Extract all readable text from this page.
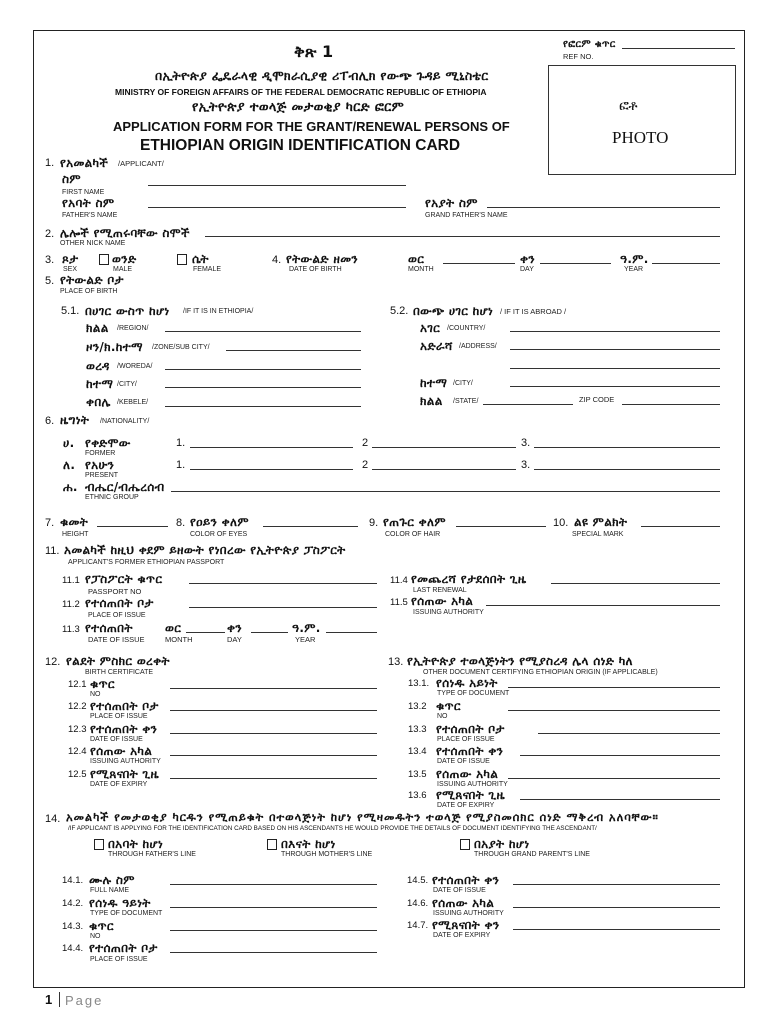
የፎርም ቁጥር
REF NO.
ቅጽ 1
በኢትዮጵያ ፌዴራላዊ ዲሞክራሲያዊ ሪፐብሊክ የውጭ ጉዳይ ሚኒስቴር
MINISTRY OF FOREIGN AFFAIRS OF THE FEDERAL DEMOCRATIC REPUBLIC OF ETHIOPIA
የኢትዮጵያ ተወላጅ መታወቂያ ካርድ ፎርም
APPLICATION FORM FOR THE GRANT/RENEWAL PERSONS OF
ETHIOPIAN ORIGIN IDENTIFICATION CARD
ፎቶ
PHOTO
1. የአመልካች /APPLICANT/
ስም
FIRST NAME
የአባት ስም
FATHER'S NAME
የአያት ስም
GRAND FATHER'S NAME
2. ሌሎች የሚጠሩባቸው ስሞች
OTHER NICK NAME
3. ጾታ
SEX
ወንድ
MALE
ሴት
FEMALE
4. የትውልድ ዘመን
DATE OF BIRTH
ወር
MONTH
ቀን
DAY
ዓ.ም.
YEAR
5. የትውልድ ቦታ
PLACE OF BIRTH
5.1. በሀገር ውስጥ ከሆነ /IF IT IS IN ETHIOPIA/
ክልል /REGION/
ዞን/ክ.ከተማ /ZONE/SUB CITY/
ወረዳ /WOREDA/
ከተማ /CITY/
ቀበሌ /KEBELE/
5.2. በውጭ ሀገር ከሆነ / IF IT IS ABROAD /
አገር /COUNTRY/
አድራሻ /ADDRESS/
ከተማ /CITY/
ክልል /STATE/	ZIP CODE
6. ዜግነት /NATIONALITY/
ሀ. የቀድሞው
FORMER
1.	2	3.
ለ. የአሁን
PRESENT
1.	2	3.
ሐ. ብሔር/ብሔረሰብ
ETHNIC GROUP
7. ቁመት
HEIGHT
8. የዐይን ቀለም
COLOR OF EYES
9. የጠጉር ቀለም
COLOR OF HAIR
10. ልዩ ምልክት
SPECIAL MARK
11. አመልካች ከዚህ ቀደም ይዘውት የነበረው የኢትዮጵያ ፓስፖርት
APPLICANT'S FORMER ETHIOPIAN PASSPORT
11.1 የፓስፖርት ቁጥር
PASSPORT NO
11.2 የተሰጠበት ቦታ
PLACE OF ISSUE
11.3 የተሰጠበት
DATE OF ISSUE
ወር
MONTH
ቀን
DAY
ዓ.ም.
YEAR
11.4 የመጨረሻ የታደሰበት ጊዜ
LAST RENEWAL
11.5 የሰጠው አካል
ISSUING AUTHORITY
12. የልደት ምስክር ወረቀት
BIRTH CERTIFICATE
12.1 ቁጥር
NO
12.2 የተሰጠበት ቦታ
PLACE OF ISSUE
12.3 የተሰጠበት ቀን
DATE OF ISSUE
12.4 የሰጠው አካል
ISSUING AUTHORITY
12.5 የሚጸናበት ጊዜ
DATE OF EXPIRY
13. የኢትዮጵያ ተወላጅነትን የሚያስረዳ ሌላ ሰነድ ካለ
OTHER DOCUMENT CERTIFYING ETHIOPIAN ORIGIN (IF APPLICABLE)
13.1. የሰነዱ አይነት
TYPE OF DOCUMENT
13.2 ቁጥር
NO
13.3 የተሰጠበት ቦታ
PLACE OF ISSUE
13.4 የተሰጠበት ቀን
DATE OF ISSUE
13.5 የሰጠው አካል
ISSUING AUTHORITY
13.6 የሚጸናበት ጊዜ
DATE OF EXPIRY
14. አመልካች የመታወቂያ ካርዱን የሚጠይቁት በተወላጅነት ከሆነ የሚዛመዱትን ተወላጅ የሚያስመሰክር ሰነድ ማቅረብ አለባቸው።
/IF APPLICANT IS APPLYING FOR THE IDENTIFICATION CARD BASED ON HIS ASCENDANTS HE WOULD PROVIDE THE DETAILS OF DOCUMENT IDENTIFYING THE ASCENDANT/
በአባት ከሆነ
THROUGH FATHER'S LINE
በእናት ከሆነ
THROUGH MOTHER'S LINE
በአያት ከሆነ
THROUGH GRAND PARENT'S LINE
14.1. ሙሉ ስም
FULL NAME
14.2. የሰነዱ ዓይነት
TYPE OF DOCUMENT
14.3. ቁጥር
NO
14.4. የተሰጠበት ቦታ
PLACE OF ISSUE
14.5. የተሰጠበት ቀን
DATE OF ISSUE
14.6. የሰጠው አካል
ISSUING AUTHORITY
14.7. የሚጸናበት ቀን
DATE OF EXPIRY
1 Page
